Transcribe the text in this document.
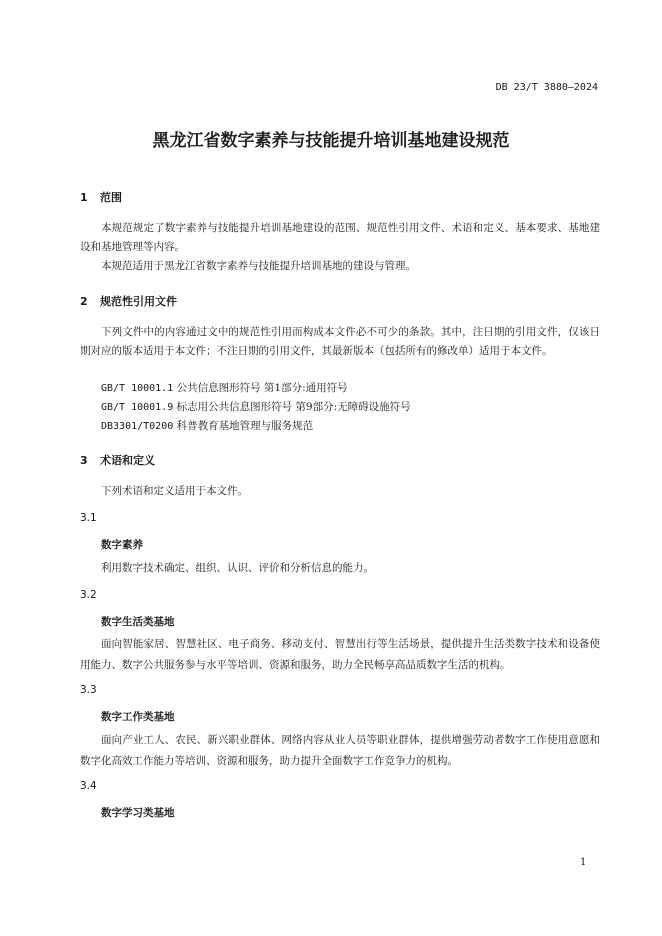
DB 23/T 3880—2024
黑龙江省数字素养与技能提升培训基地建设规范
1 范围
本规范规定了数字素养与技能提升培训基地建设的范围、规范性引用文件、术语和定义、基本要求、基地建设和基地管理等内容。
本规范适用于黑龙江省数字素养与技能提升培训基地的建设与管理。
2 规范性引用文件
下列文件中的内容通过文中的规范性引用而构成本文件必不可少的条款。其中，注日期的引用文件，仅该日期对应的版本适用于本文件；不注日期的引用文件，其最新版本（包括所有的修改单）适用于本文件。
GB/T 10001.1 公共信息图形符号 第1部分:通用符号
GB/T 10001.9 标志用公共信息图形符号 第9部分:无障碍设施符号
DB3301/T0200 科普教育基地管理与服务规范
3 术语和定义
下列术语和定义适用于本文件。
3.1
数字素养
利用数字技术确定、组织、认识、评价和分析信息的能力。
3.2
数字生活类基地
面向智能家居、智慧社区、电子商务、移动支付、智慧出行等生活场景，提供提升生活类数字技术和设备使用能力、数字公共服务参与水平等培训、资源和服务，助力全民畅享高品质数字生活的机构。
3.3
数字工作类基地
面向产业工人、农民、新兴职业群体、网络内容从业人员等职业群体，提供增强劳动者数字工作使用意愿和数字化高效工作能力等培训、资源和服务，助力提升全面数字工作竞争力的机构。
3.4
数字学习类基地
1
